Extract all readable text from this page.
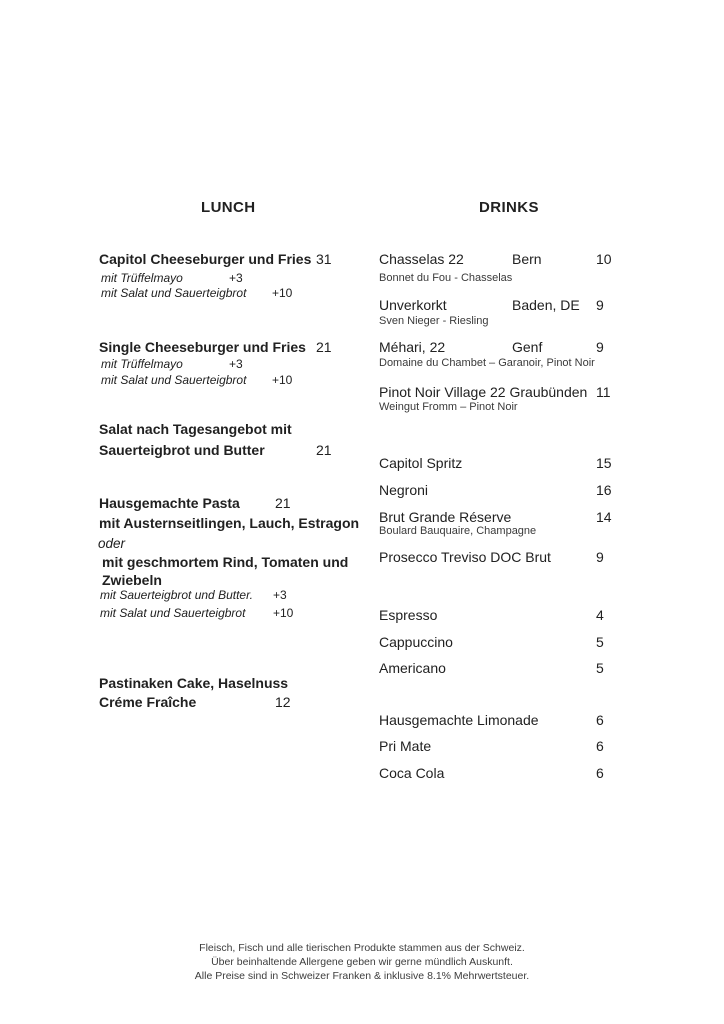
LUNCH	DRINKS
Capitol Cheeseburger und Fries 31
mit Trüffelmayo	+3
mit Salat und Sauerteigbrot +10
Single Cheeseburger und Fries 21
mit Trüffelmayo	+3
mit Salat und Sauerteigbrot +10
Salat nach Tagesangebot mit
Sauerteigbrot und Butter	21
Hausgemachte Pasta	21
mit Austernseitlingen, Lauch, Estragon
oder
mit geschmortem Rind, Tomaten und
Zwiebeln
mit Sauerteigbrot und Butter. +3
mit Salat und Sauerteigbrot +10
Pastinaken Cake, Haselnuss
Créme Fraîche	12
Chasselas 22	Bern	10
Bonnet du Fou - Chasselas
Unverkorkt	Baden, DE 9
Sven Nieger - Riesling
Méhari, 22	Genf	9
Domaine du Chambet – Garanoir, Pinot Noir
Pinot Noir Village 22 Graubünden 11
Weingut Fromm – Pinot Noir
Capitol Spritz	15
Negroni	16
Brut Grande Réserve	14
Boulard Bauquaire, Champagne
Prosecco Treviso DOC Brut	9
Espresso	4
Cappuccino	5
Americano	5
Hausgemachte Limonade	6
Pri Mate	6
Coca Cola	6
Fleisch, Fisch und alle tierischen Produkte stammen aus der Schweiz.
Über beinhaltende Allergene geben wir gerne mündlich Auskunft.
Alle Preise sind in Schweizer Franken & inklusive 8.1% Mehrwertsteuer.
